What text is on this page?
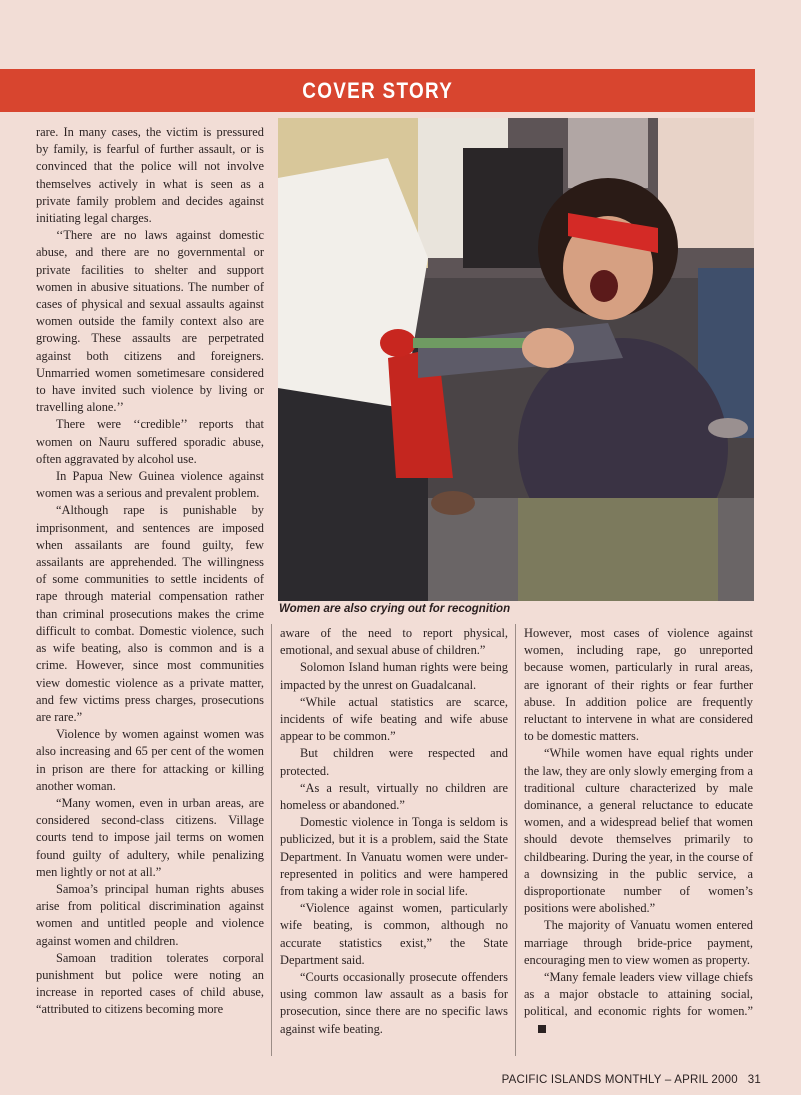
COVER STORY

rare. In many cases, the victim is pressured by family, is fearful of further assault, or is convinced that the police will not involve themselves actively in what is seen as a private family problem and decides against initiating legal charges.

‘‘There are no laws against domestic abuse, and there are no governmental or private facilities to shelter and support women in abusive situations. The number of cases of physical and sexual assaults against women outside the family context also are growing. These assaults are perpetrated against both citizens and foreigners. Unmarried women sometimesare considered to have invited such violence by living or travelling alone.’’

There were ‘‘credible’’ reports that women on Nauru suffered sporadic abuse, often aggravated by alcohol use.

In Papua New Guinea violence against women was a serious and prevalent problem.

“Although rape is punishable by imprisonment, and sentences are imposed when assailants are found guilty, few assailants are apprehended. The willingness of some communities to settle incidents of rape through material compensation rather than criminal prosecutions makes the crime difficult to combat. Domestic violence, such as wife beating, also is common and is a crime. However, since most communities view domestic violence as a private matter, and few victims press charges, prosecutions are rare.”

Violence by women against women was also increasing and 65 per cent of the women in prison are there for attacking or killing another woman.

“Many women, even in urban areas, are considered second-class citizens. Village courts tend to impose jail terms on women found guilty of adultery, while penalizing men lightly or not at all.”

Samoa’s principal human rights abuses arise from political discrimination against women and untitled people and violence against women and children.

Samoan tradition tolerates corporal punishment but police were noting an increase in reported cases of child abuse, “attributed to citizens becoming more

Women are also crying out for recognition

aware of the need to report physical, emotional, and sexual abuse of children.”

Solomon Island human rights were being impacted by the unrest on Guadalcanal.

“While actual statistics are scarce, incidents of wife beating and wife abuse appear to be common.”

But children were respected and protected.

“As a result, virtually no children are homeless or abandoned.”

Domestic violence in Tonga is seldom is publicized, but it is a problem, said the State Department. In Vanuatu women were under-represented in politics and were hampered from taking a wider role in social life.

“Violence against women, particularly wife beating, is common, although no accurate statistics exist,” the State Department said.

“Courts occasionally prosecute offenders using common law assault as a basis for prosecution, since there are no specific laws against wife beating.

However, most cases of violence against women, including rape, go unreported because women, particularly in rural areas, are ignorant of their rights or fear further abuse. In addition police are frequently reluctant to intervene in what are considered to be domestic matters.

“While women have equal rights under the law, they are only slowly emerging from a traditional culture characterized by male dominance, a general reluctance to educate women, and a widespread belief that women should devote themselves primarily to childbearing. During the year, in the course of a downsizing in the public service, a disproportionate number of women’s positions were abolished.”

The majority of Vanuatu women entered marriage through bride-price payment, encouraging men to view women as property.

“Many female leaders view village chiefs as a major obstacle to attaining social, political, and economic rights for women.”

PACIFIC ISLANDS MONTHLY – APRIL 2000 31
